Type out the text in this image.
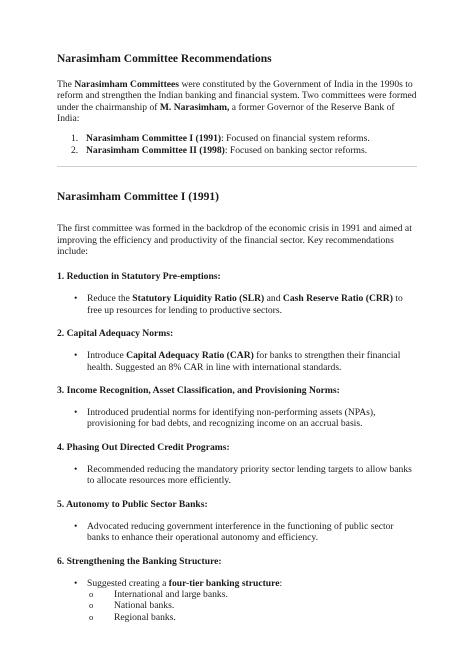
Narasimham Committee Recommendations

The Narasimham Committees were constituted by the Government of India in the 1990s to reform and strengthen the Indian banking and financial system. Two committees were formed under the chairmanship of M. Narasimham, a former Governor of the Reserve Bank of India:

1. Narasimham Committee I (1991): Focused on financial system reforms.
2. Narasimham Committee II (1998): Focused on banking sector reforms.
Narasimham Committee I (1991)

The first committee was formed in the backdrop of the economic crisis in 1991 and aimed at improving the efficiency and productivity of the financial sector. Key recommendations include:

1. Reduction in Statutory Pre-emptions:
• Reduce the Statutory Liquidity Ratio (SLR) and Cash Reserve Ratio (CRR) to free up resources for lending to productive sectors.
2. Capital Adequacy Norms:
• Introduce Capital Adequacy Ratio (CAR) for banks to strengthen their financial health. Suggested an 8% CAR in line with international standards.
3. Income Recognition, Asset Classification, and Provisioning Norms:
• Introduced prudential norms for identifying non-performing assets (NPAs), provisioning for bad debts, and recognizing income on an accrual basis.
4. Phasing Out Directed Credit Programs:
• Recommended reducing the mandatory priority sector lending targets to allow banks to allocate resources more efficiently.
5. Autonomy to Public Sector Banks:
• Advocated reducing government interference in the functioning of public sector banks to enhance their operational autonomy and efficiency.
6. Strengthening the Banking Structure:
• Suggested creating a four-tier banking structure:
o International and large banks.
o National banks.
o Regional banks.
